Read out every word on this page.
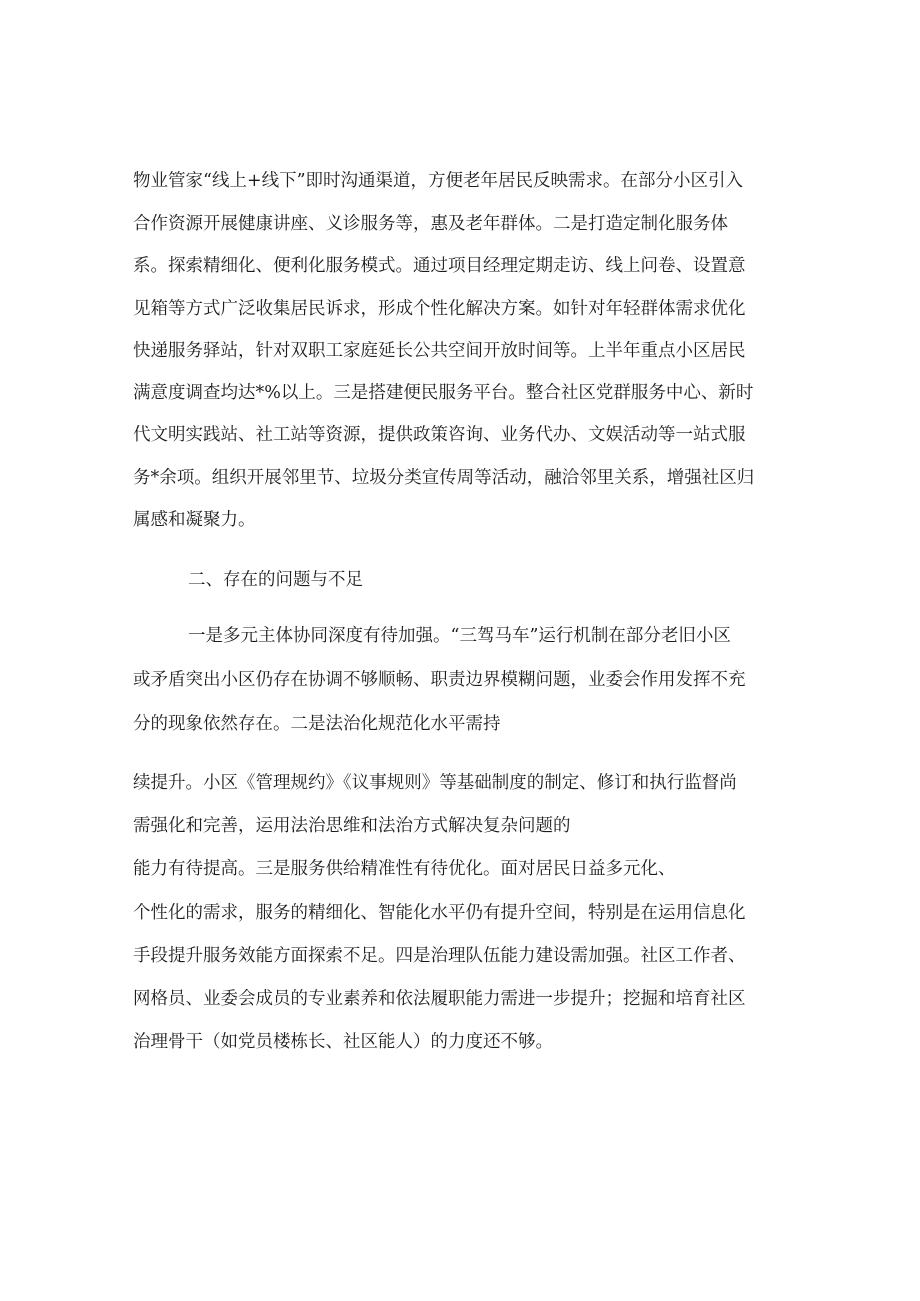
物业管家“线上+线下”即时沟通渠道，方便老年居民反映需求。在部分小区引入

合作资源开展健康讲座、义诊服务等，惠及老年群体。二是打造定制化服务体

系。探索精细化、便利化服务模式。通过项目经理定期走访、线上问卷、设置意

见箱等方式广泛收集居民诉求，形成个性化解决方案。如针对年轻群体需求优化

快递服务驿站，针对双职工家庭延长公共空间开放时间等。上半年重点小区居民

满意度调查均达*%以上。三是搭建便民服务平台。整合社区党群服务中心、新时

代文明实践站、社工站等资源，提供政策咨询、业务代办、文娱活动等一站式服

务*余项。组织开展邻里节、垃圾分类宣传周等活动，融洽邻里关系，增强社区归

属感和凝聚力。

二、存在的问题与不足

一是多元主体协同深度有待加强。“三驾马车”运行机制在部分老旧小区

或矛盾突出小区仍存在协调不够顺畅、职责边界模糊问题，业委会作用发挥不充

分的现象依然存在。二是法治化规范化水平需持

续提升。小区《管理规约》《议事规则》等基础制度的制定、修订和执行监督尚

需强化和完善，运用法治思维和法治方式解决复杂问题的

能力有待提高。三是服务供给精准性有待优化。面对居民日益多元化、

个性化的需求，服务的精细化、智能化水平仍有提升空间，特别是在运用信息化

手段提升服务效能方面探索不足。四是治理队伍能力建设需加强。社区工作者、

网格员、业委会成员的专业素养和依法履职能力需进一步提升；挖掘和培育社区

治理骨干（如党员楼栋长、社区能人）的力度还不够。
